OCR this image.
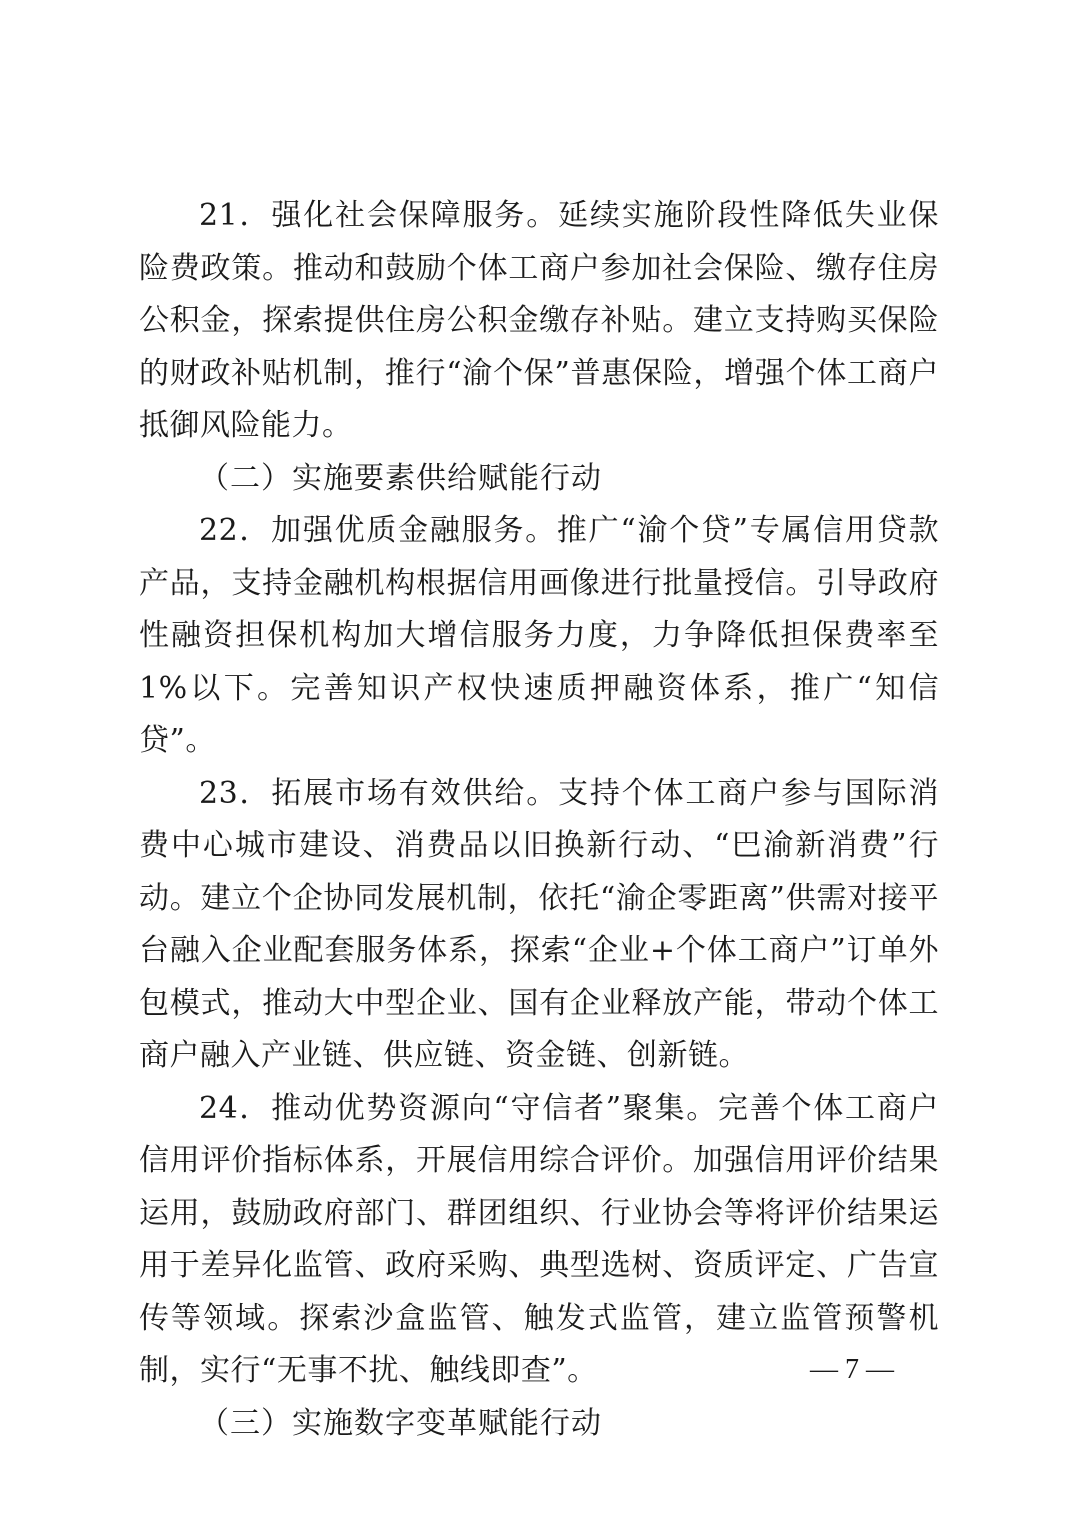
21．强化社会保障服务。延续实施阶段性降低失业保险费政策。推动和鼓励个体工商户参加社会保险、缴存住房公积金，探索提供住房公积金缴存补贴。建立支持购买保险的财政补贴机制，推行“渝个保”普惠保险，增强个体工商户抵御风险能力。

（二）实施要素供给赋能行动

22．加强优质金融服务。推广“渝个贷”专属信用贷款产品，支持金融机构根据信用画像进行批量授信。引导政府性融资担保机构加大增信服务力度，力争降低担保费率至 1%以下。完善知识产权快速质押融资体系，推广“知信贷”。

23．拓展市场有效供给。支持个体工商户参与国际消费中心城市建设、消费品以旧换新行动、“巴渝新消费”行动。建立个企协同发展机制，依托“渝企零距离”供需对接平台融入企业配套服务体系，探索“企业+个体工商户”订单外包模式，推动大中型企业、国有企业释放产能，带动个体工商户融入产业链、供应链、资金链、创新链。

24．推动优势资源向“守信者”聚集。完善个体工商户信用评价指标体系，开展信用综合评价。加强信用评价结果运用，鼓励政府部门、群团组织、行业协会等将评价结果运用于差异化监管、政府采购、典型选树、资质评定、广告宣传等领域。探索沙盒监管、触发式监管，建立监管预警机制，实行“无事不扰、触线即查”。

（三）实施数字变革赋能行动

— 7 —
